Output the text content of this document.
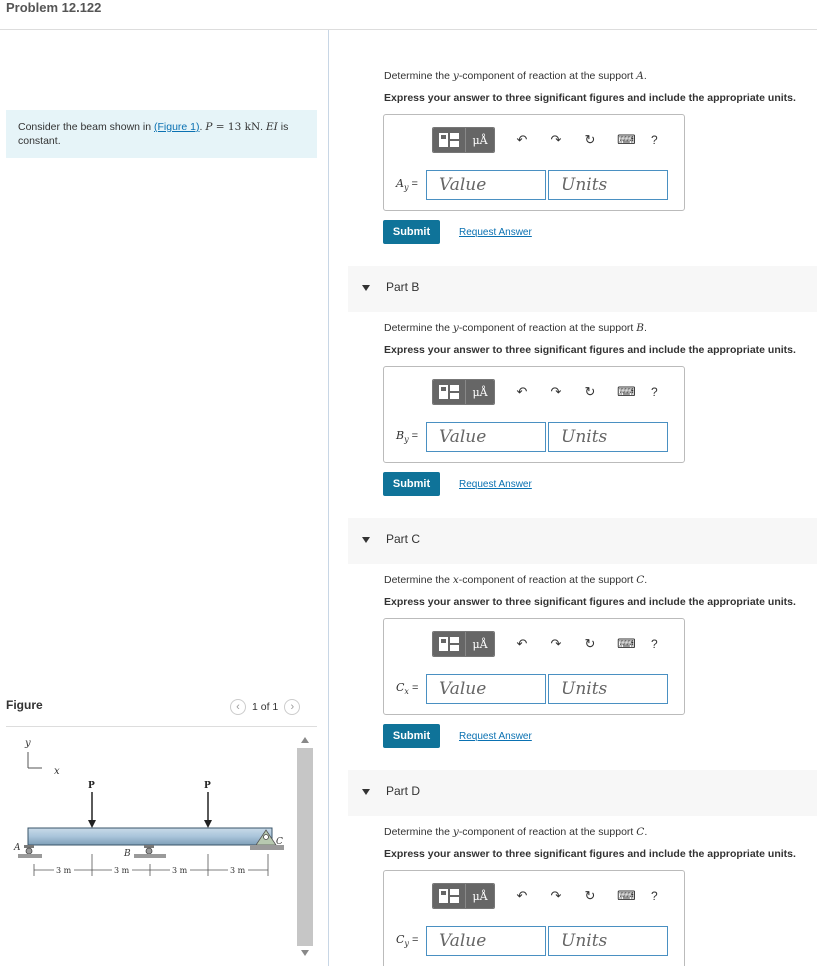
Problem 12.122
Consider the beam shown in (Figure 1). P = 13 kN. EI is
constant.
Figure	‹ 1 of 1 ›
y
x
P	P
A
B
C
3 m	3 m	3 m	3 m
Determine the y-component of reaction at the support A.
Express your answer to three significant figures and include the appropriate units.
μÅ	↶ ↷ ↻ ⌨ ?
$A_y$ =	Value	Units
Submit	Request Answer
Part B
Determine the y-component of reaction at the support B.
Express your answer to three significant figures and include the appropriate units.
μÅ	↶ ↷ ↻ ⌨ ?
$B_y$ =	Value	Units
Submit	Request Answer
Part C
Determine the x-component of reaction at the support C.
Express your answer to three significant figures and include the appropriate units.
μÅ	↶ ↷ ↻ ⌨ ?
$C_x$ =	Value	Units
Submit	Request Answer
Part D
Determine the y-component of reaction at the support C.
Express your answer to three significant figures and include the appropriate units.
μÅ	↶ ↷ ↻ ⌨ ?
$C_y$ =	Value	Units
